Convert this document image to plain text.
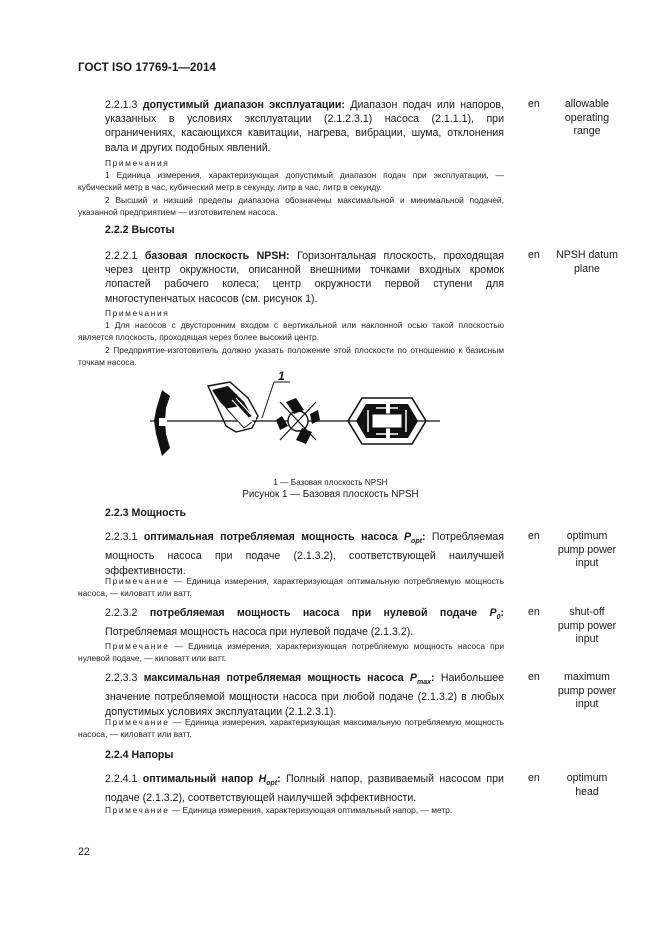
ГОСТ ISO 17769-1—2014
2.2.1.3 допустимый диапазон эксплуатации: Диапазон подач или напоров, указанных в условиях эксплуатации (2.1.2.3.1) насоса (2.1.1.1), при ограничениях, касающихся кавитации, нагрева, вибрации, шума, отклонения вала и других подобных явлений.
en	allowable operating range
Примечания
1 Единица измерения, характеризующая допустимый диапазон подач при эксплуатации, — кубический метр в час, кубический метр в секунду, литр в час, литр в секунду.
2 Высший и низший пределы диапазона обозначены максимальной и минимальной подачей, указанной предприятием — изготовителем насоса.
2.2.2 Высоты
2.2.2.1 базовая плоскость NPSH: Горизонтальная плоскость, проходящая через центр окружности, описанной внешними точками входных кромок лопастей рабочего колеса; центр окружности первой ступени для многоступенчатых насосов (см. рисунок 1).
en	NPSH datum plane
Примечания
1 Для насосов с двусторонним входом с вертикальной или наклонной осью такой плоскостью является плоскость, проходящая через более высокий центр.
2 Предприятие-изготовитель должно указать положение этой плоскости по отношению к базисным точкам насоса.
1
1 — Базовая плоскость NPSH
Рисунок 1 — Базовая плоскость NPSH
2.2.3 Мощность
2.2.3.1 оптимальная потребляемая мощность насоса $P_{opt}$: Потребляемая мощность насоса при подаче (2.1.3.2), соответствующей наилучшей эффективности.
en	optimum pump power input
Примечание — Единица измерения, характеризующая оптимальную потребляемую мощность насоса, — киловатт или ватт.
2.2.3.2 потребляемая мощность насоса при нулевой подаче $P_0$: Потребляемая мощность насоса при нулевой подаче (2.1.3.2).
en	shut-off pump power input
Примечание — Единица измерения, характеризующая потребляемую мощность насоса при нулевой подаче, — киловатт или ватт.
2.2.3.3 максимальная потребляемая мощность насоса $P_{max}$: Наибольшее значение потребляемой мощности насоса при любой подаче (2.1.3.2) в любых допустимых условиях эксплуатации (2.1.2.3.1).
en	maximum pump power input
Примечание — Единица измерения, характеризующая максимальную потребляемую мощность насоса, — киловатт или ватт.
2.2.4 Напоры
2.2.4.1 оптимальный напор $H_{opt}$: Полный напор, развиваемый насосом при подаче (2.1.3.2), соответствующей наилучшей эффективности.
en	optimum head
Примечание — Единица измерения, характеризующая оптимальный напор, — метр.
22
